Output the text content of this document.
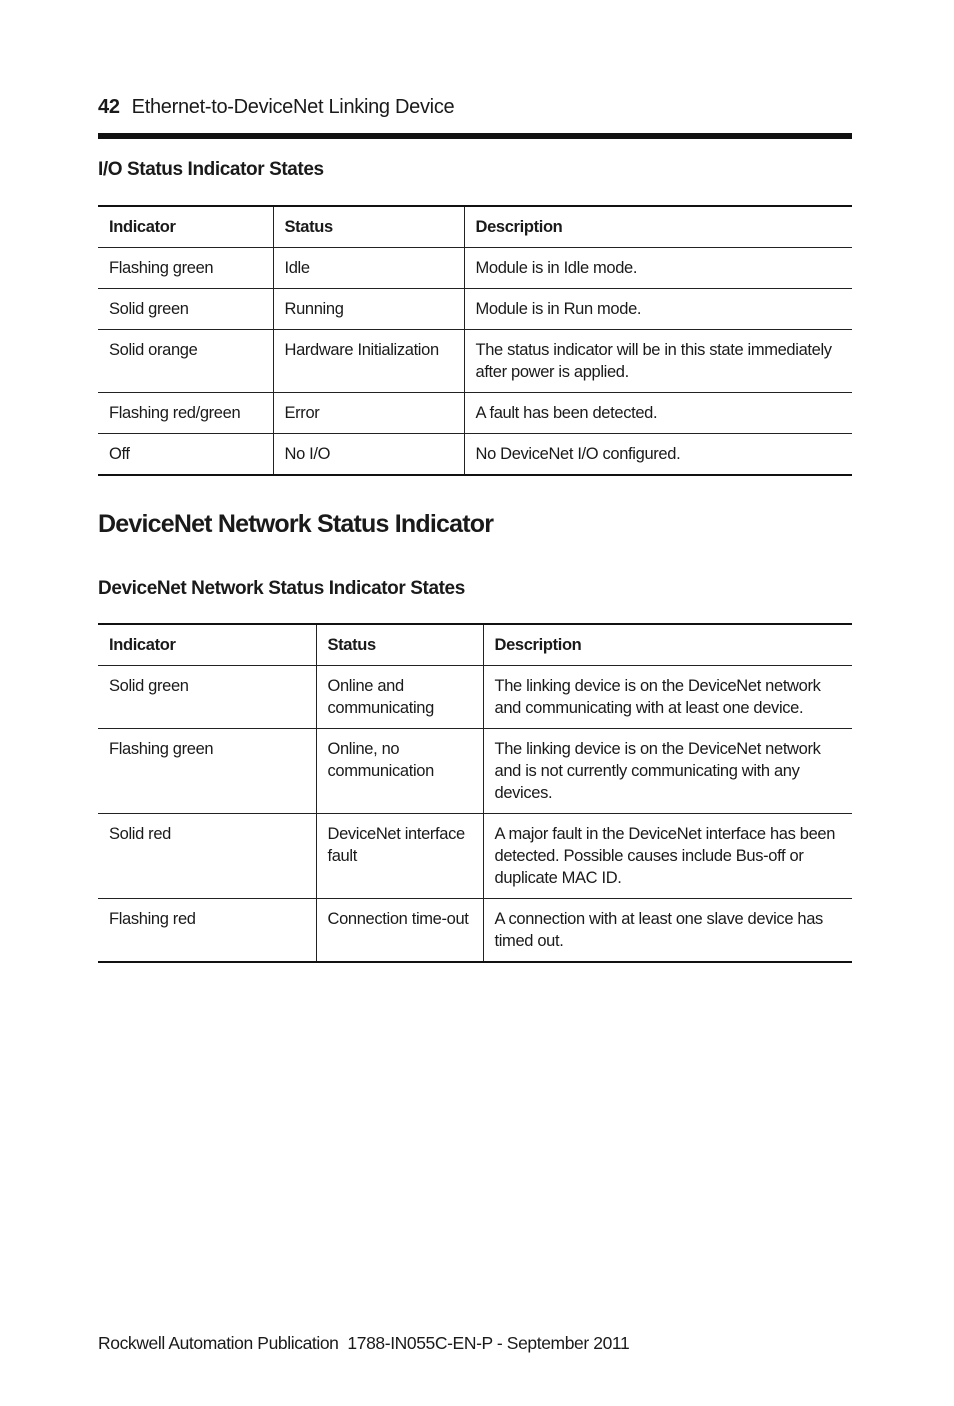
42 Ethernet-to-DeviceNet Linking Device
I/O Status Indicator States
Indicator	Status	Description
Flashing green	Idle	Module is in Idle mode.
Solid green	Running	Module is in Run mode.
Solid orange	Hardware Initialization	The status indicator will be in this state immediately after power is applied.
Flashing red/green	Error	A fault has been detected.
Off	No I/O	No DeviceNet I/O configured.
DeviceNet Network Status Indicator
DeviceNet Network Status Indicator States
Indicator	Status	Description
Solid green	Online and communicating	The linking device is on the DeviceNet network and communicating with at least one device.
Flashing green	Online, no communication	The linking device is on the DeviceNet network and is not currently communicating with any devices.
Solid red	DeviceNet interface fault	A major fault in the DeviceNet interface has been detected. Possible causes include Bus-off or duplicate MAC ID.
Flashing red	Connection time-out	A connection with at least one slave device has timed out.
Rockwell Automation Publication  1788-IN055C-EN-P - September 2011
